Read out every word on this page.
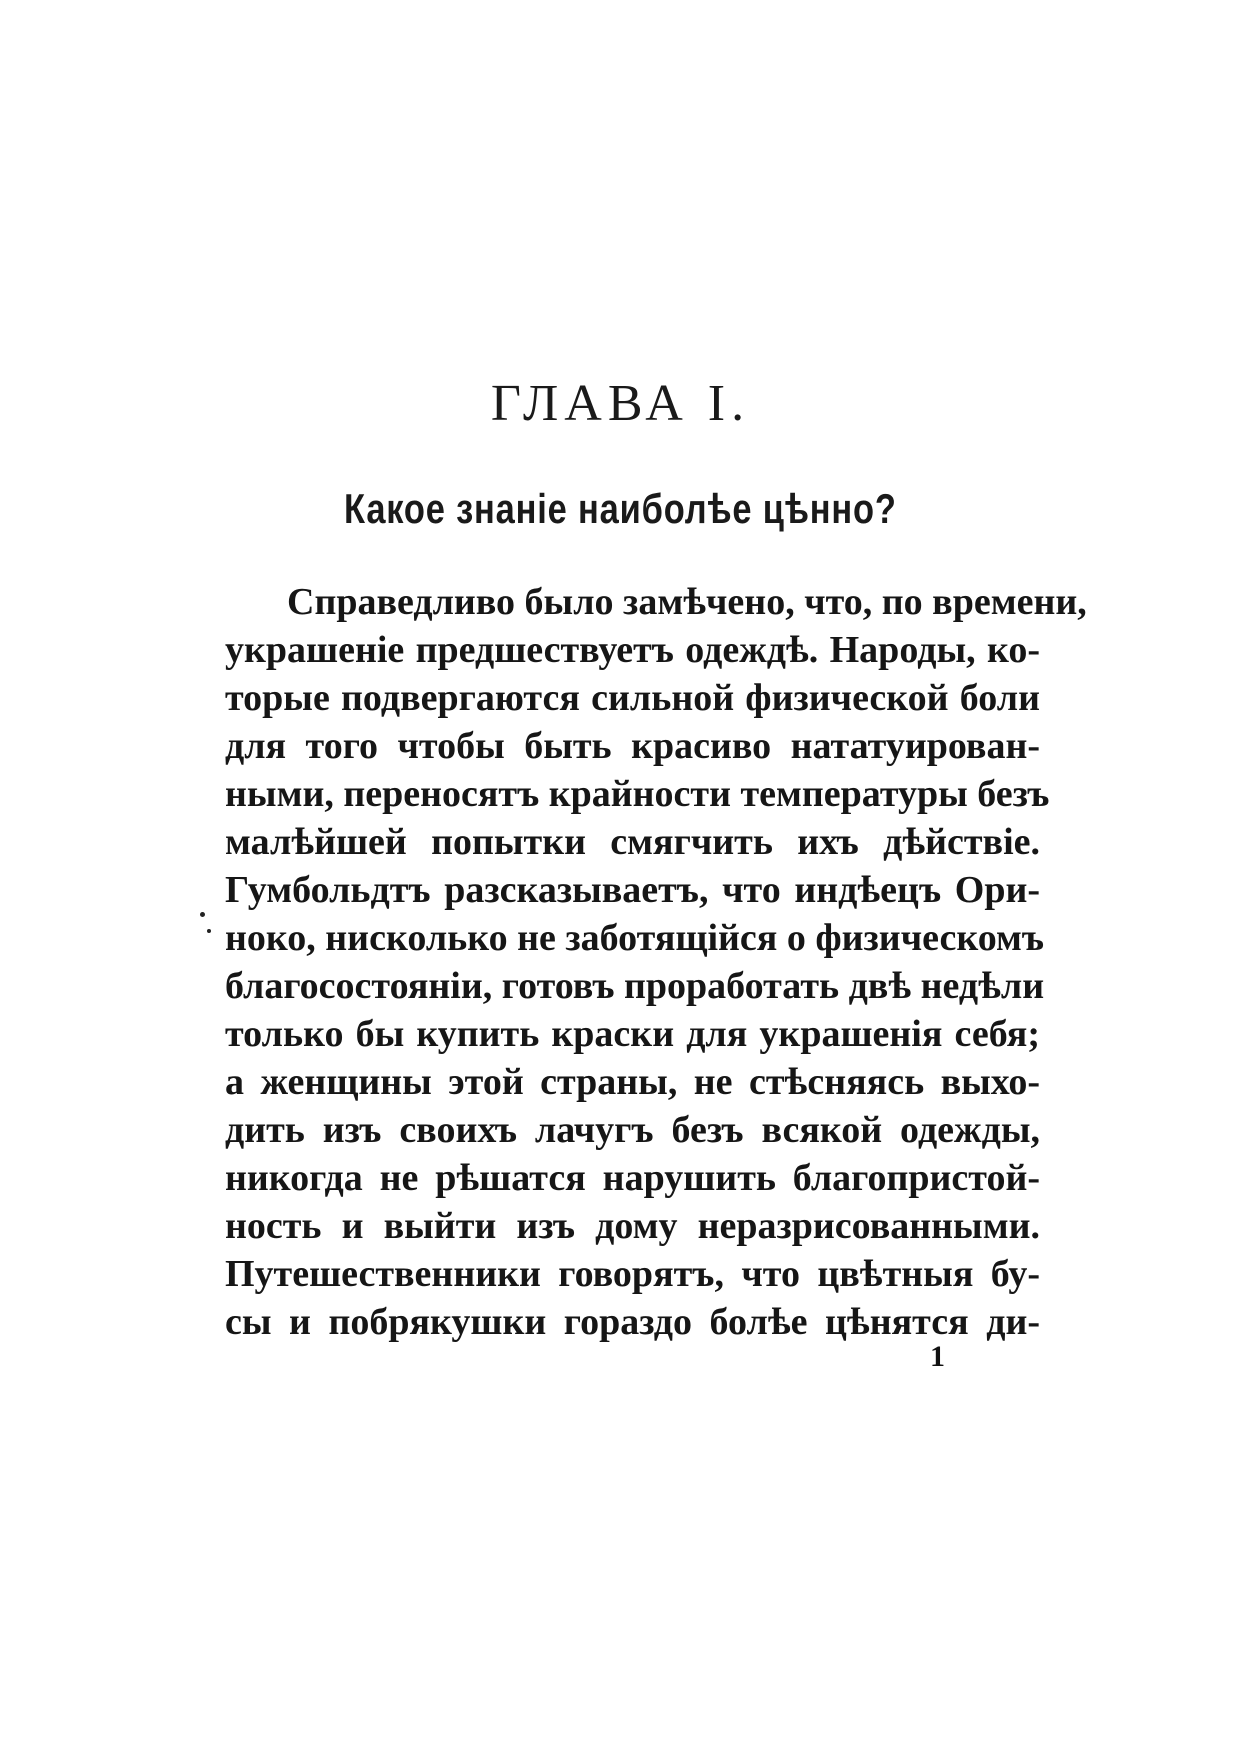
ГЛАВА I.
Какое знаніе наиболѣе цѣнно?
Справедливо было замѣчено, что, по времени,
украшеніе предшествуетъ одеждѣ. Народы, ко-
торые подвергаются сильной физической боли
для того чтобы быть красиво нататуирован-
ными, переносятъ крайности температуры безъ
малѣйшей попытки смягчить ихъ дѣйствіе.
Гумбольдтъ разсказываетъ, что индѣецъ Ори-
ноко, нисколько не заботящійся о физическомъ
благосостояніи, готовъ проработать двѣ недѣли
только бы купить краски для украшенія себя;
а женщины этой страны, не стѣсняясь выхо-
дить изъ своихъ лачугъ безъ всякой одежды,
никогда не рѣшатся нарушить благопристой-
ность и выйти изъ дому неразрисованными.
Путешественники говорятъ, что цвѣтныя бу-
сы и побрякушки гораздо болѣе цѣнятся ди-

1
